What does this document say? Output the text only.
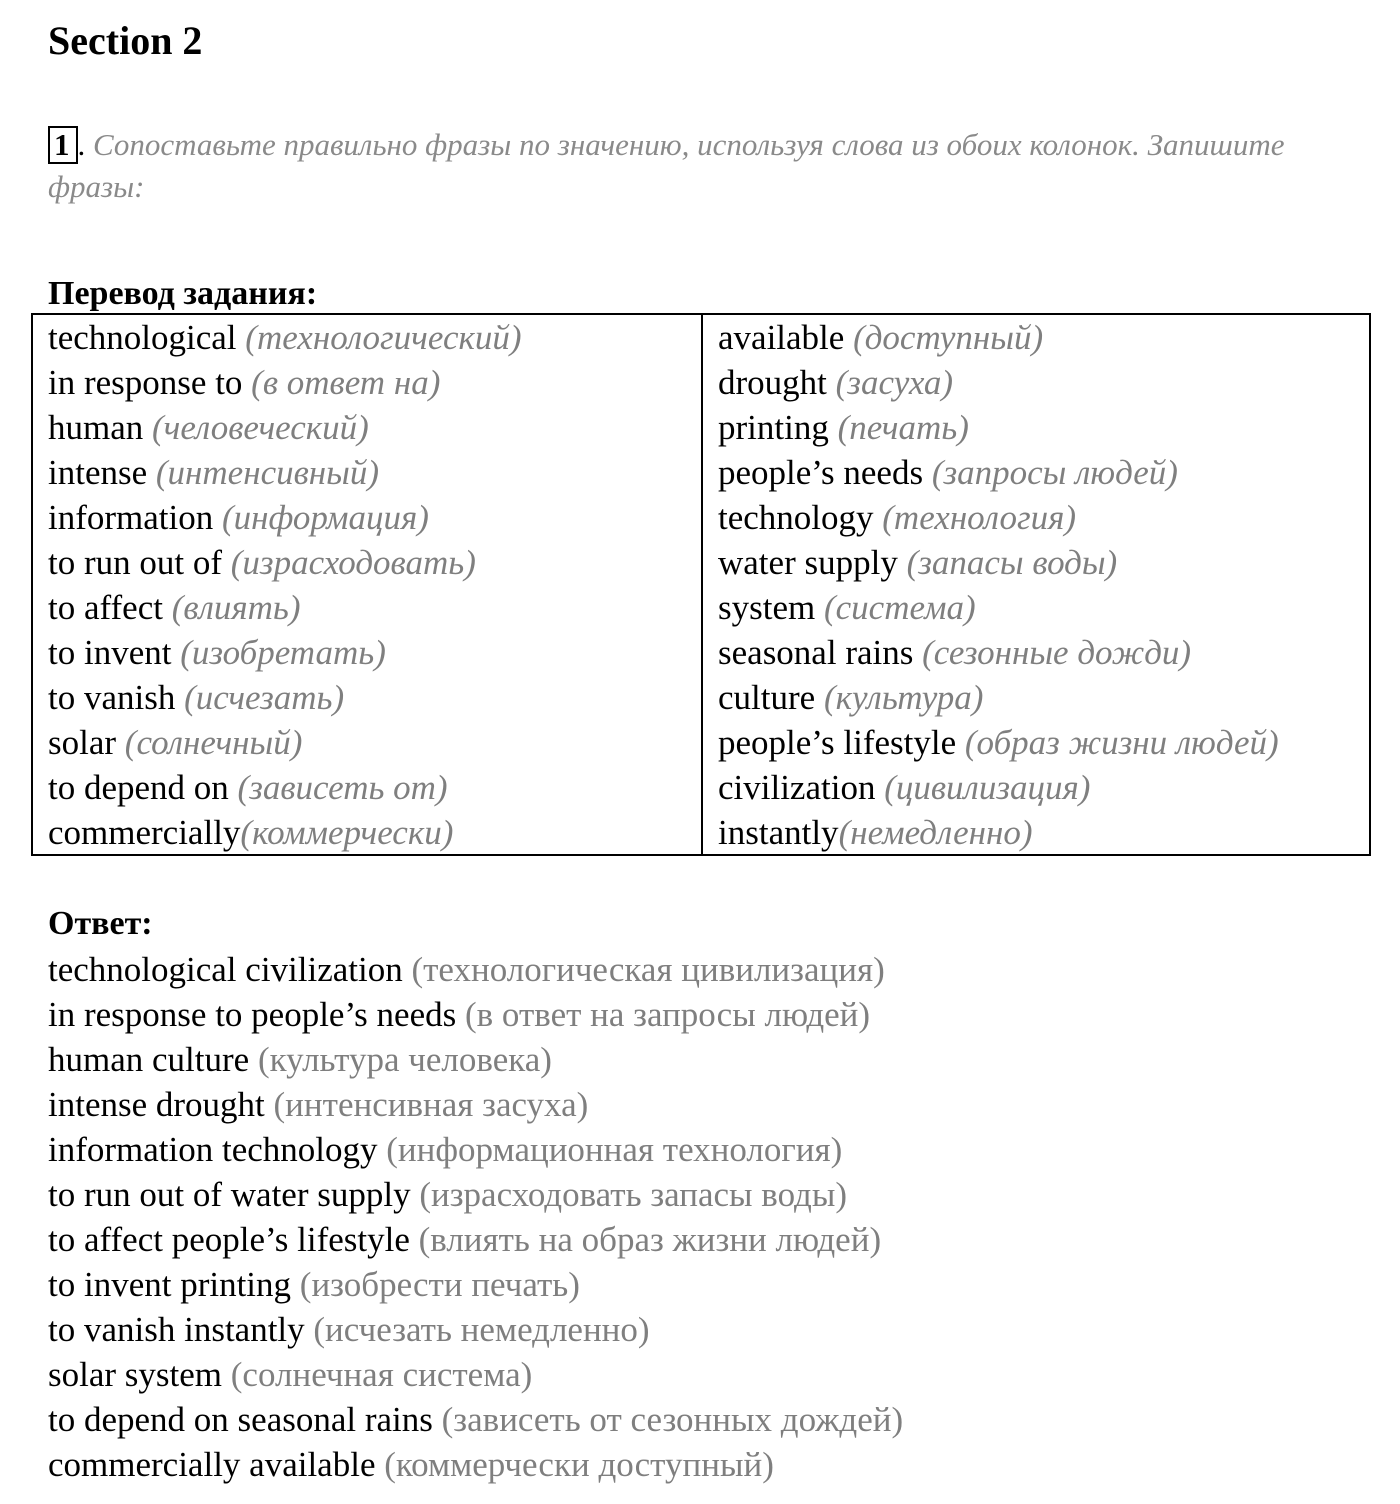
Section 2
1 . Сопоставьте правильно фразы по значению, используя слова из обоих колонок. Запишите фразы:
Перевод задания:
technological (технологический)
in response to (в ответ на)
human (человеческий)
intense (интенсивный)
information (информация)
to run out of (израсходовать)
to affect (влиять)
to invent (изобретать)
to vanish (исчезать)
solar (солнечный)
to depend on (зависеть от)
commercially(коммерчески)
available (доступный)
drought (засуха)
printing (печать)
people’s needs (запросы людей)
technology (технология)
water supply (запасы воды)
system (система)
seasonal rains (сезонные дожди)
culture (культура)
people’s lifestyle (образ жизни людей)
civilization (цивилизация)
instantly(немедленно)
Ответ:
technological civilization (технологическая цивилизация)
in response to people’s needs (в ответ на запросы людей)
human culture (культура человека)
intense drought (интенсивная засуха)
information technology (информационная технология)
to run out of water supply (израсходовать запасы воды)
to affect people’s lifestyle (влиять на образ жизни людей)
to invent printing (изобрести печать)
to vanish instantly (исчезать немедленно)
solar system (солнечная система)
to depend on seasonal rains (зависеть от сезонных дождей)
commercially available (коммерчески доступный)
